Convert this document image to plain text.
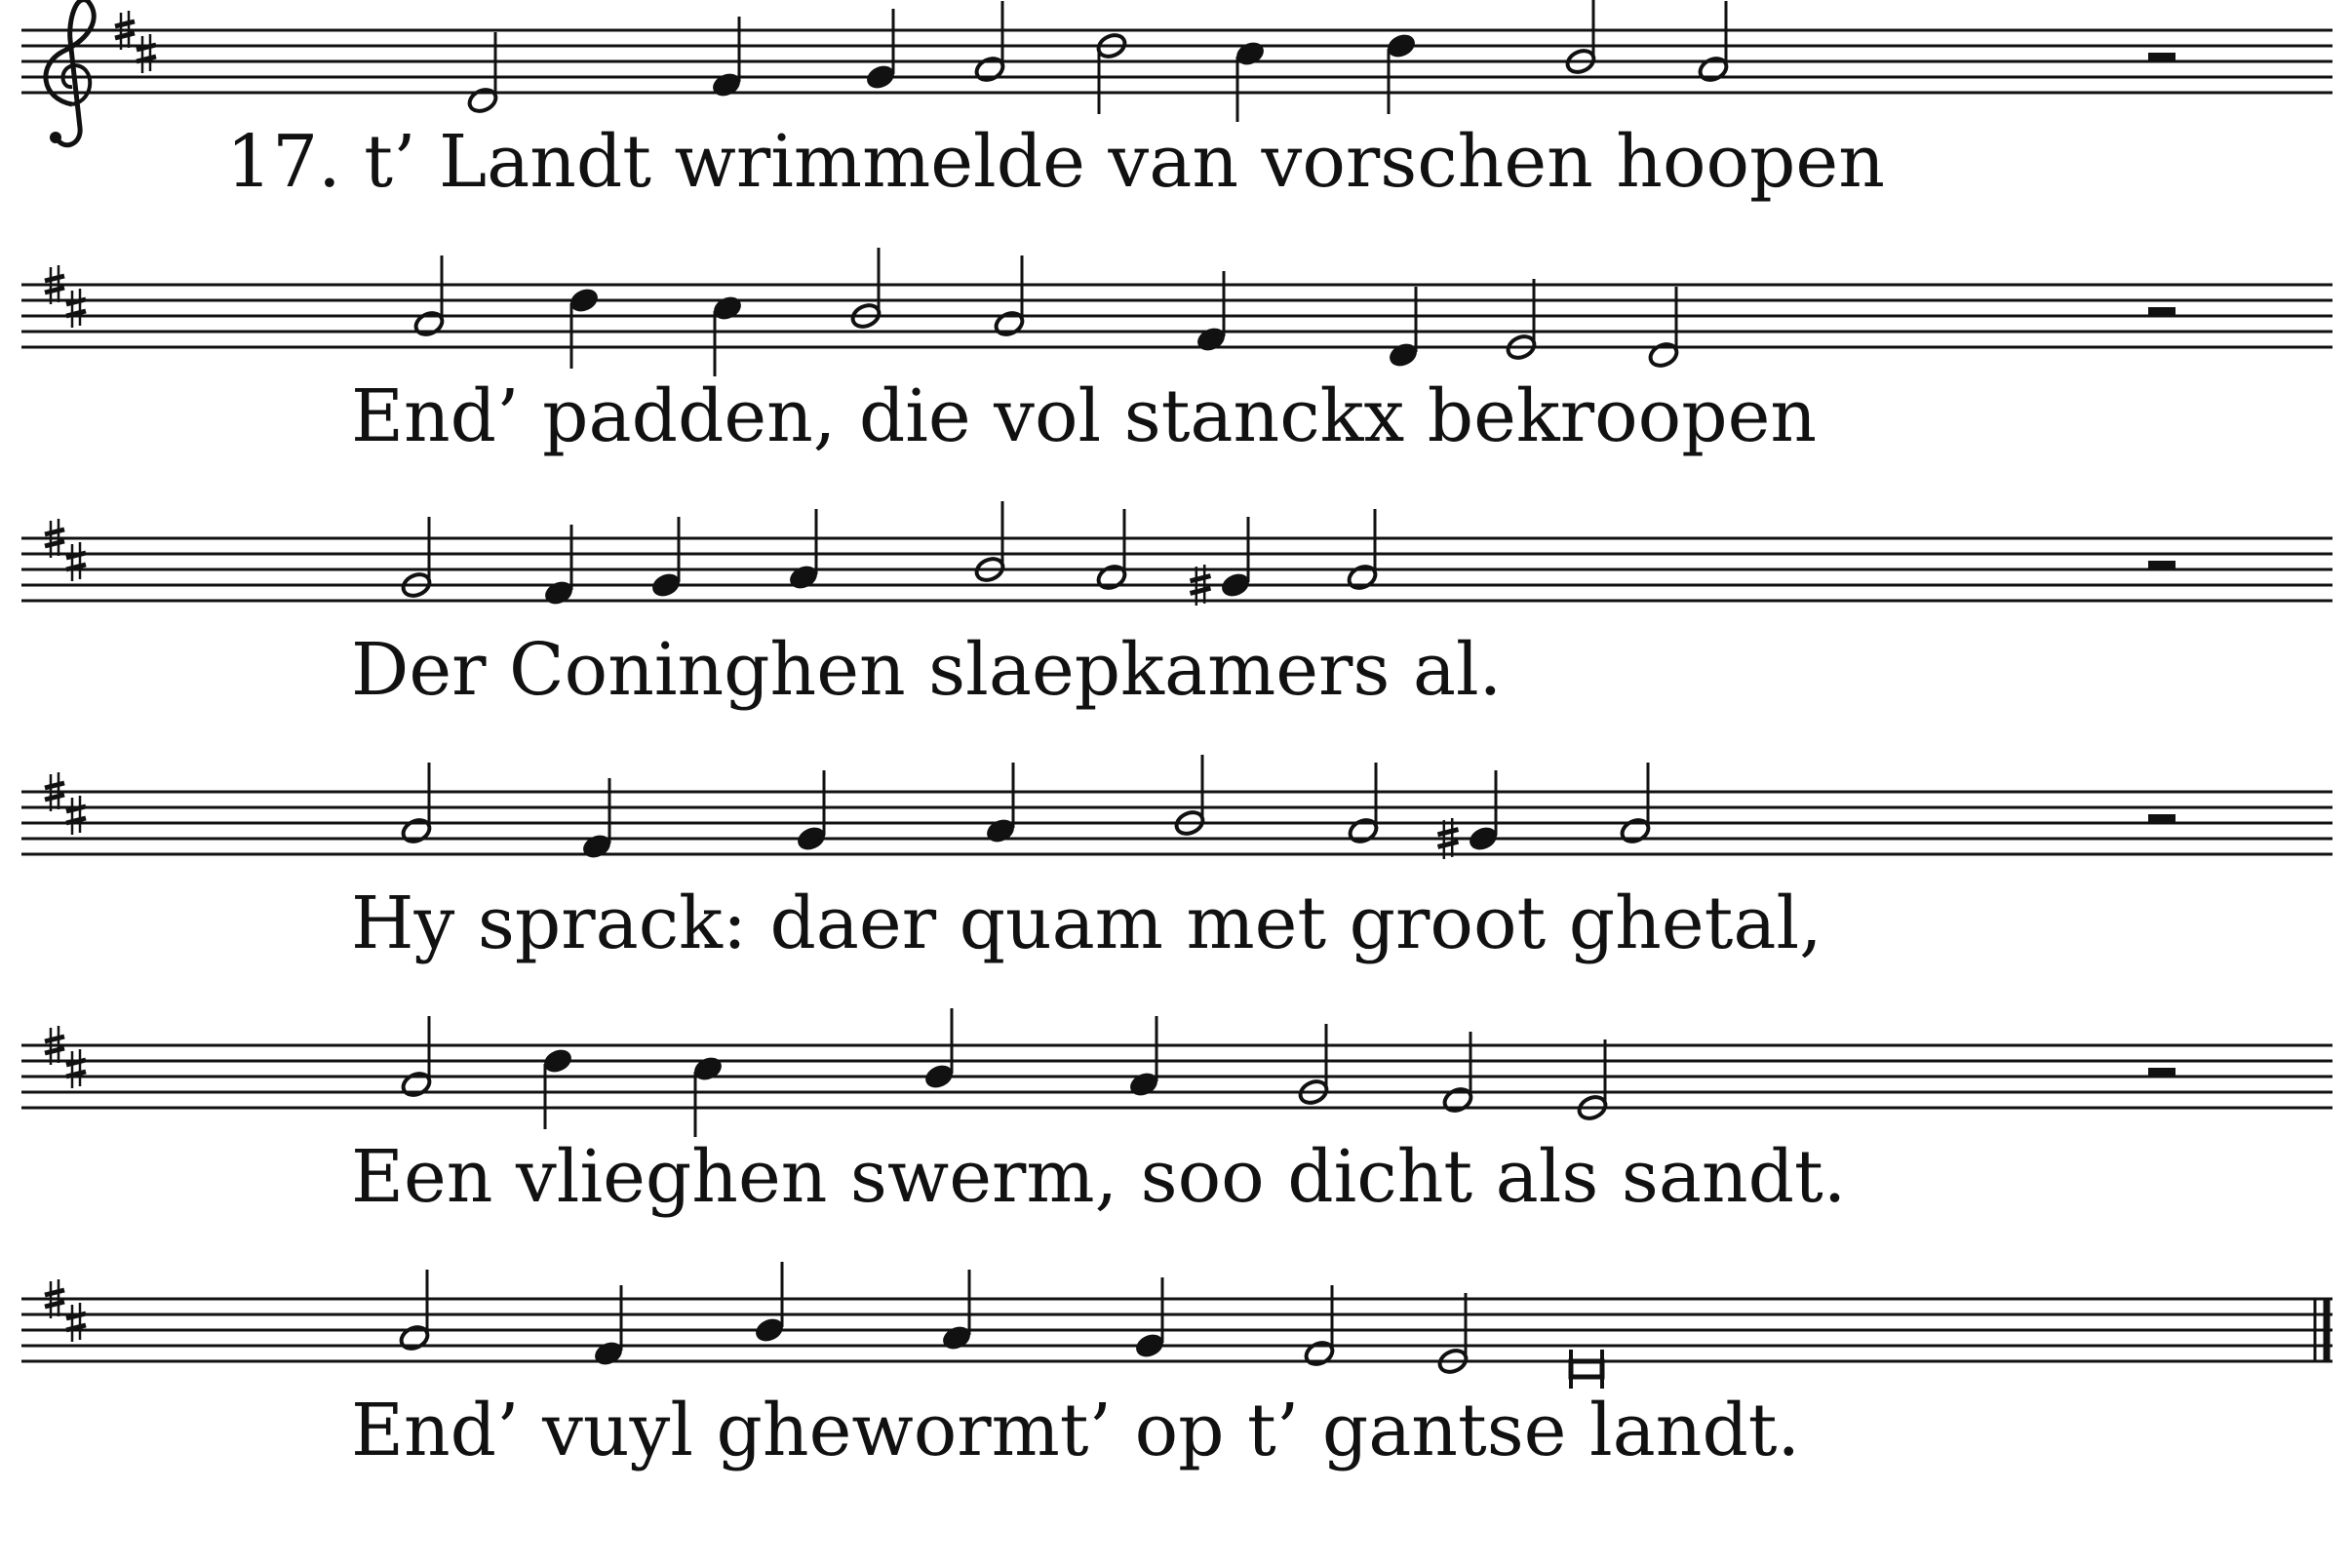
17. t’ Landt wrimmelde van vorschen hoopen
End’ padden, die vol stanckx bekroopen
Der Coninghen slaepkamers al.
Hy sprack: daer quam met groot ghetal,
Een vlieghen swerm, soo dicht als sandt.
End’ vuyl ghewormt’ op t’ gantse landt.
